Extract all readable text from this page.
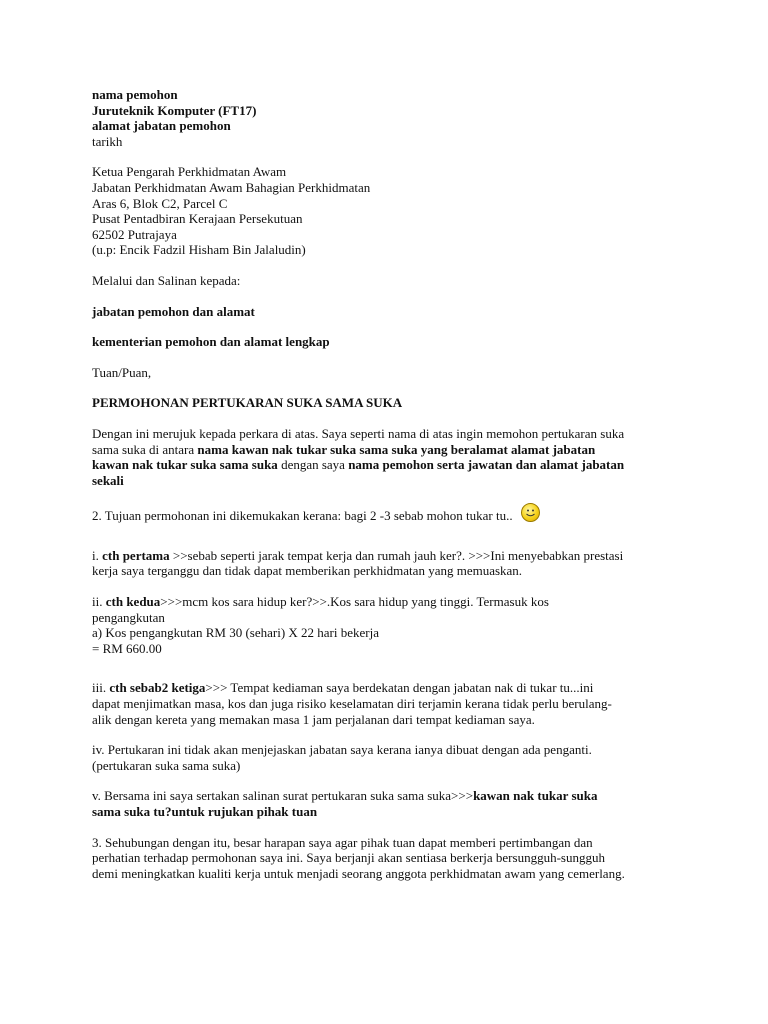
nama pemohon
Juruteknik Komputer (FT17)
alamat jabatan pemohon
tarikh
Ketua Pengarah Perkhidmatan Awam
Jabatan Perkhidmatan Awam Bahagian Perkhidmatan
Aras 6, Blok C2, Parcel C
Pusat Pentadbiran Kerajaan Persekutuan
62502 Putrajaya
(u.p: Encik Fadzil Hisham Bin Jalaludin)
Melalui dan Salinan kepada:
jabatan pemohon dan alamat
kementerian pemohon dan alamat lengkap
Tuan/Puan,
PERMOHONAN PERTUKARAN SUKA SAMA SUKA
Dengan ini merujuk kepada perkara di atas. Saya seperti nama di atas ingin memohon pertukaran suka
sama suka di antara nama kawan nak tukar suka sama suka yang beralamat alamat jabatan
kawan nak tukar suka sama suka dengan saya nama pemohon serta jawatan dan alamat jabatan
sekali
2. Tujuan permohonan ini dikemukakan kerana: bagi 2 -3 sebab mohon tukar tu..
i. cth pertama >>sebab seperti jarak tempat kerja dan rumah jauh ker?. >>>Ini menyebabkan prestasi
kerja saya terganggu dan tidak dapat memberikan perkhidmatan yang memuaskan.
ii. cth kedua>>>mcm kos sara hidup ker?>>.Kos sara hidup yang tinggi. Termasuk kos
pengangkutan
a) Kos pengangkutan RM 30 (sehari) X 22 hari bekerja
= RM 660.00
iii. cth sebab2 ketiga>>> Tempat kediaman saya berdekatan dengan jabatan nak di tukar tu...ini
dapat menjimatkan masa, kos dan juga risiko keselamatan diri terjamin kerana tidak perlu berulang-
alik dengan kereta yang memakan masa 1 jam perjalanan dari tempat kediaman saya.
iv. Pertukaran ini tidak akan menjejaskan jabatan saya kerana ianya dibuat dengan ada penganti.
(pertukaran suka sama suka)
v. Bersama ini saya sertakan salinan surat pertukaran suka sama suka>>>kawan nak tukar suka
sama suka tu?untuk rujukan pihak tuan
3. Sehubungan dengan itu, besar harapan saya agar pihak tuan dapat memberi pertimbangan dan
perhatian terhadap permohonan saya ini. Saya berjanji akan sentiasa berkerja bersungguh-sungguh
demi meningkatkan kualiti kerja untuk menjadi seorang anggota perkhidmatan awam yang cemerlang.
